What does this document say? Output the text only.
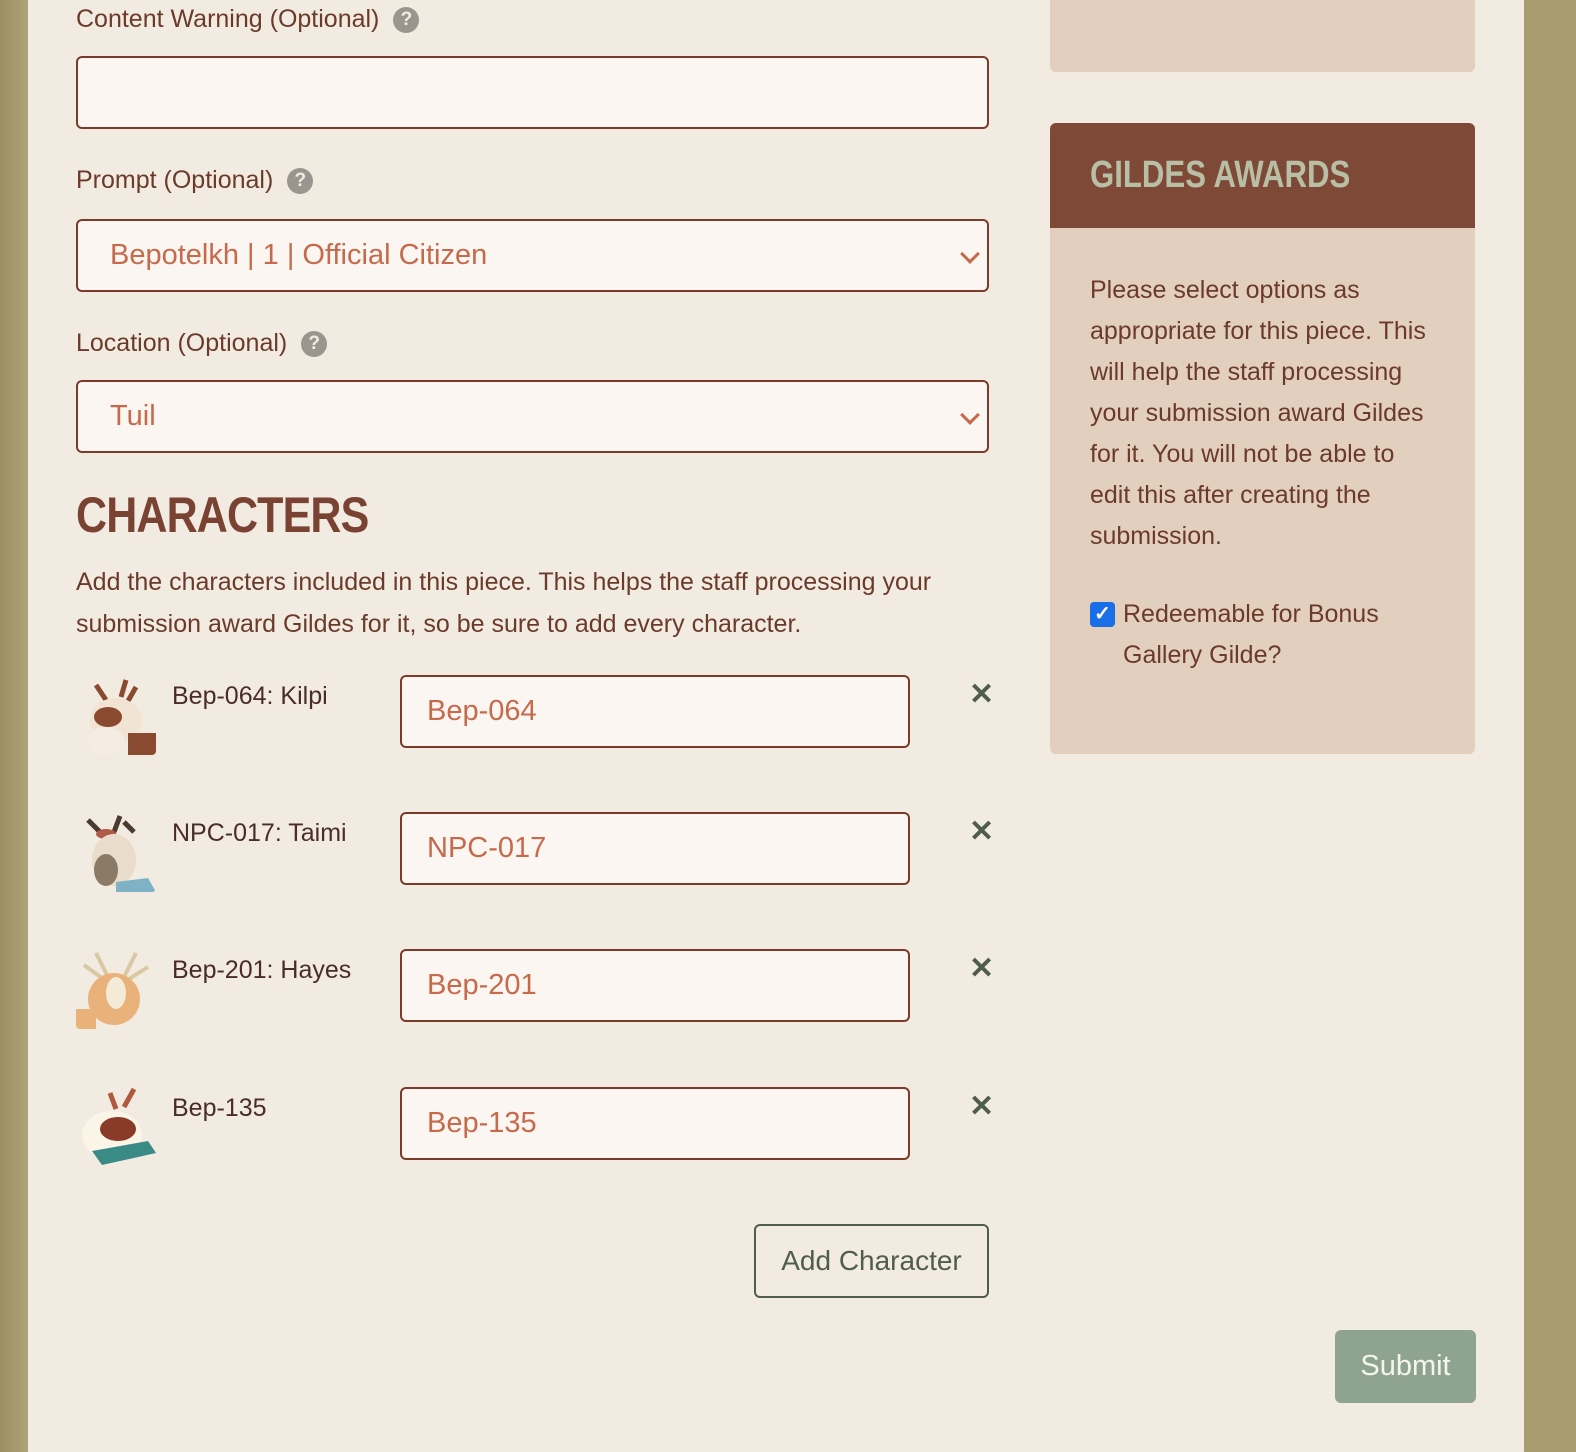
Content Warning (Optional)	?
Prompt (Optional)	?
Bepotelkh | 1 | Official Citizen
Location (Optional)	?
Tuil
CHARACTERS
Add the characters included in this piece. This helps the staff processing your submission award Gildes for it, so be sure to add every character.
Bep-064: Kilpi	Bep-064	✕
NPC-017: Taimi	NPC-017	✕
Bep-201: Hayes	Bep-201	✕
Bep-135	Bep-135	✕
Add Character
GILDES AWARDS
Please select options as appropriate for this piece. This will help the staff processing your submission award Gildes for it. You will not be able to edit this after creating the submission.
✓ Redeemable for Bonus Gallery Gilde?
Submit
